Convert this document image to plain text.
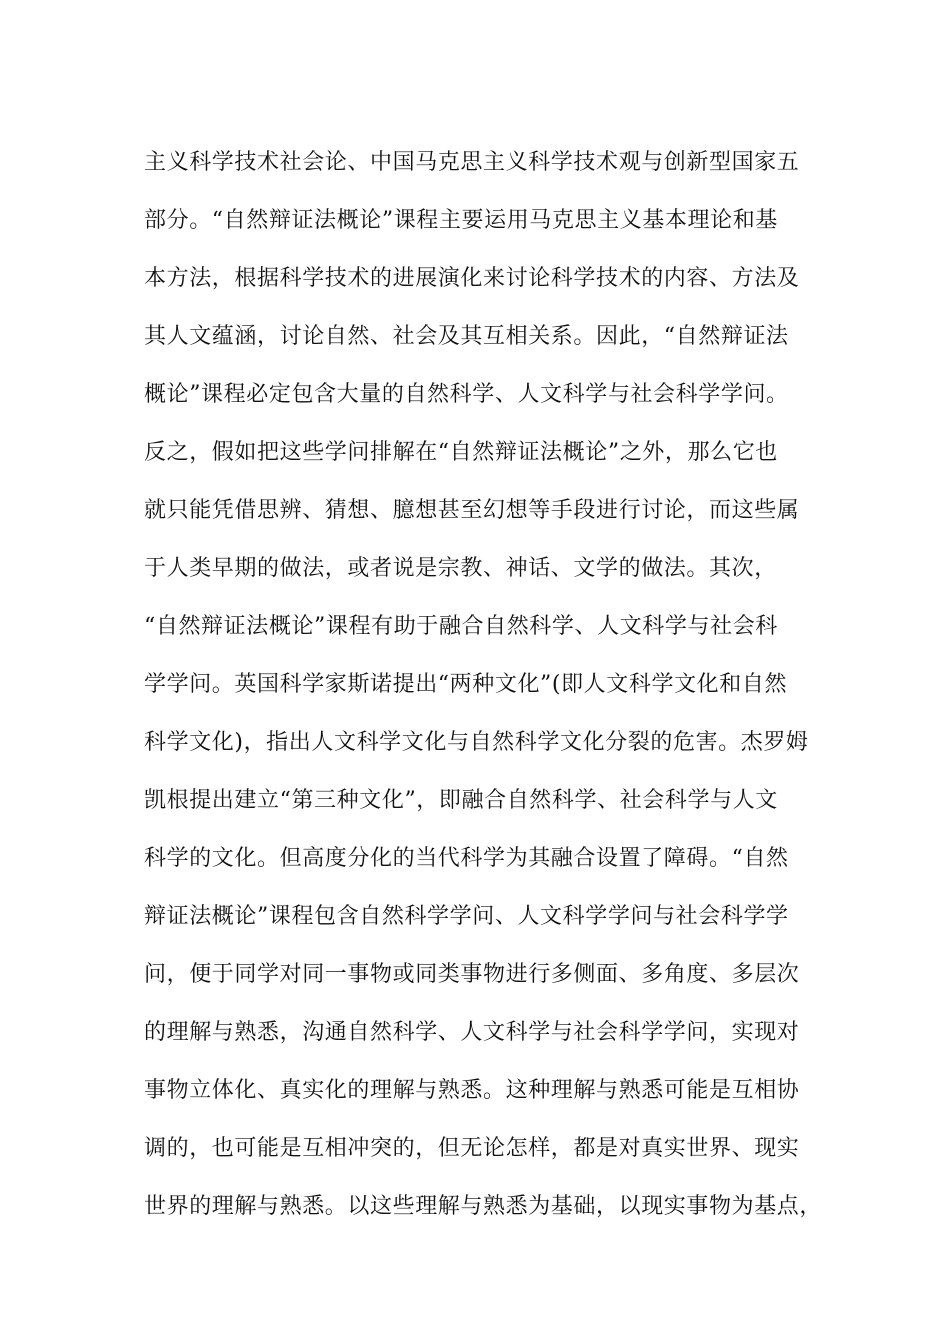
主义科学技术社会论、中国马克思主义科学技术观与创新型国家五
部分。“自然辩证法概论”课程主要运用马克思主义基本理论和基
本方法，根据科学技术的进展演化来讨论科学技术的内容、方法及
其人文蕴涵，讨论自然、社会及其互相关系。因此，“自然辩证法
概论”课程必定包含大量的自然科学、人文科学与社会科学学问。
反之，假如把这些学问排解在“自然辩证法概论”之外，那么它也
就只能凭借思辨、猜想、臆想甚至幻想等手段进行讨论，而这些属
于人类早期的做法，或者说是宗教、神话、文学的做法。其次，
“自然辩证法概论”课程有助于融合自然科学、人文科学与社会科
学学问。英国科学家斯诺提出“两种文化”(即人文科学文化和自然
科学文化)，指出人文科学文化与自然科学文化分裂的危害。杰罗姆
凯根提出建立“第三种文化”，即融合自然科学、社会科学与人文
科学的文化。但高度分化的当代科学为其融合设置了障碍。“自然
辩证法概论”课程包含自然科学学问、人文科学学问与社会科学学
问，便于同学对同一事物或同类事物进行多侧面、多角度、多层次
的理解与熟悉，沟通自然科学、人文科学与社会科学学问，实现对
事物立体化、真实化的理解与熟悉。这种理解与熟悉可能是互相协
调的，也可能是互相冲突的，但无论怎样，都是对真实世界、现实
世界的理解与熟悉。以这些理解与熟悉为基础，以现实事物为基点，
